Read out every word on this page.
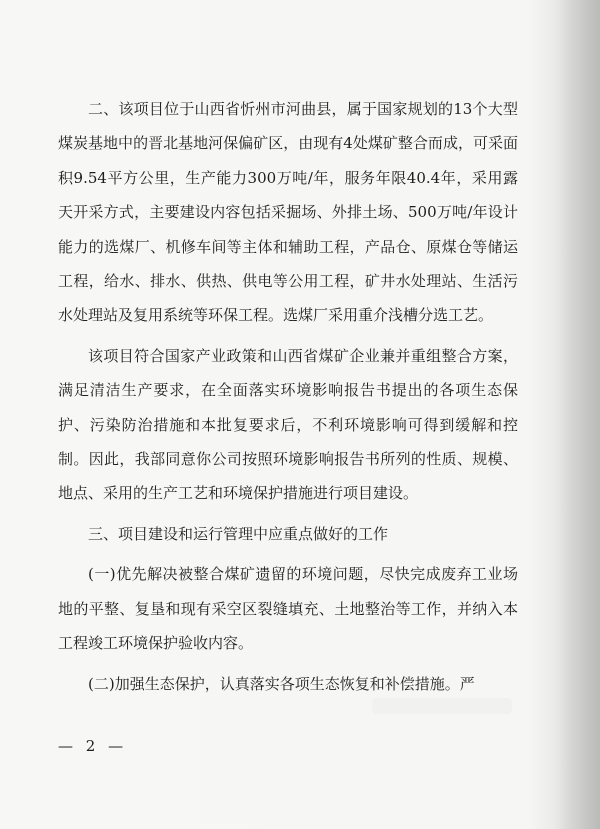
二、该项目位于山西省忻州市河曲县，属于国家规划的13个大型煤炭基地中的晋北基地河保偏矿区，由现有4处煤矿整合而成，可采面积9.54平方公里，生产能力300万吨/年，服务年限40.4年，采用露天开采方式，主要建设内容包括采掘场、外排土场、500万吨/年设计能力的选煤厂、机修车间等主体和辅助工程，产品仓、原煤仓等储运工程，给水、排水、供热、供电等公用工程，矿井水处理站、生活污水处理站及复用系统等环保工程。选煤厂采用重介浅槽分选工艺。

该项目符合国家产业政策和山西省煤矿企业兼并重组整合方案，满足清洁生产要求，在全面落实环境影响报告书提出的各项生态保护、污染防治措施和本批复要求后，不利环境影响可得到缓解和控制。因此，我部同意你公司按照环境影响报告书所列的性质、规模、地点、采用的生产工艺和环境保护措施进行项目建设。

三、项目建设和运行管理中应重点做好的工作

(一)优先解决被整合煤矿遗留的环境问题，尽快完成废弃工业场地的平整、复垦和现有采空区裂缝填充、土地整治等工作，并纳入本工程竣工环境保护验收内容。

(二)加强生态保护，认真落实各项生态恢复和补偿措施。严

— 2 —
